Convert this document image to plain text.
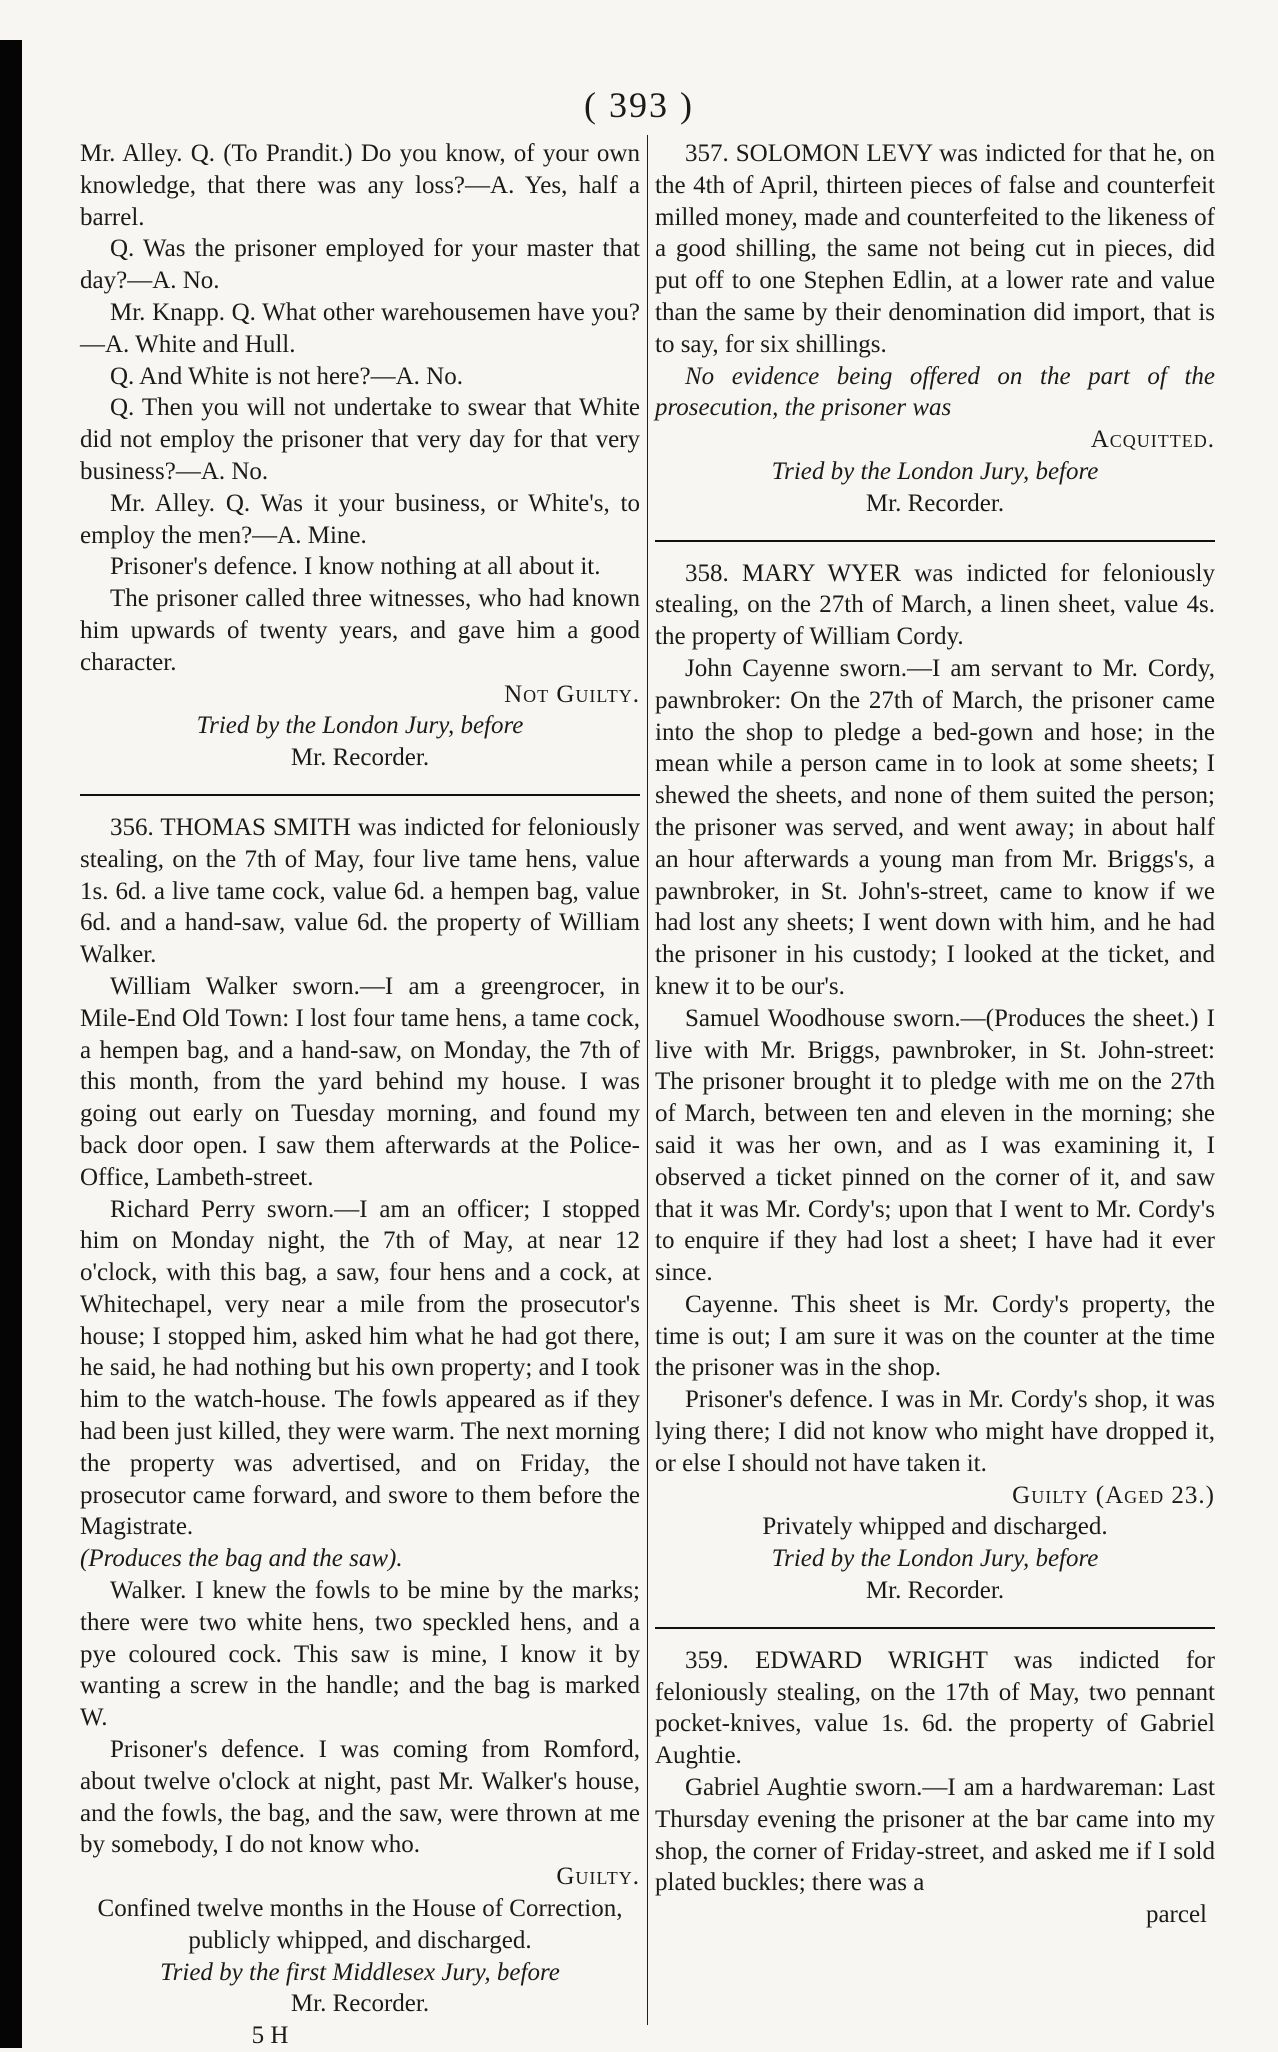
( 393 )

Mr. Alley. Q. (To Prandit.) Do you know, of your own knowledge, that there was any loss?—A. Yes, half a barrel.

Q. Was the prisoner employed for your master that day?—A. No.

Mr. Knapp. Q. What other warehousemen have you?—A. White and Hull.

Q. And White is not here?—A. No.

Q. Then you will not undertake to swear that White did not employ the prisoner that very day for that very business?—A. No.

Mr. Alley. Q. Was it your business, or White's, to employ the men?—A. Mine.

Prisoner's defence. I know nothing at all about it.

The prisoner called three witnesses, who had known him upwards of twenty years, and gave him a good character.

Not Guilty.

Tried by the London Jury, before

Mr. Recorder.

356. THOMAS SMITH was indicted for feloniously stealing, on the 7th of May, four live tame hens, value 1s. 6d. a live tame cock, value 6d. a hempen bag, value 6d. and a hand-saw, value 6d. the property of William Walker.

William Walker sworn.—I am a greengrocer, in Mile-End Old Town: I lost four tame hens, a tame cock, a hempen bag, and a hand-saw, on Monday, the 7th of this month, from the yard behind my house. I was going out early on Tuesday morning, and found my back door open. I saw them afterwards at the Police-Office, Lambeth-street.

Richard Perry sworn.—I am an officer; I stopped him on Monday night, the 7th of May, at near 12 o'clock, with this bag, a saw, four hens and a cock, at Whitechapel, very near a mile from the prosecutor's house; I stopped him, asked him what he had got there, he said, he had nothing but his own property; and I took him to the watch-house. The fowls appeared as if they had been just killed, they were warm. The next morning the property was advertised, and on Friday, the prosecutor came forward, and swore to them before the Magistrate.

(Produces the bag and the saw).

Walker. I knew the fowls to be mine by the marks; there were two white hens, two speckled hens, and a pye coloured cock. This saw is mine, I know it by wanting a screw in the handle; and the bag is marked W.

Prisoner's defence. I was coming from Romford, about twelve o'clock at night, past Mr. Walker's house, and the fowls, the bag, and the saw, were thrown at me by somebody, I do not know who.

Guilty.

Confined twelve months in the House of Correction, publicly whipped, and discharged.

Tried by the first Middlesex Jury, before

Mr. Recorder.

5 H

357. SOLOMON LEVY was indicted for that he, on the 4th of April, thirteen pieces of false and counterfeit milled money, made and counterfeited to the likeness of a good shilling, the same not being cut in pieces, did put off to one Stephen Edlin, at a lower rate and value than the same by their denomination did import, that is to say, for six shillings.

No evidence being offered on the part of the prosecution, the prisoner was

Acquitted.

Tried by the London Jury, before

Mr. Recorder.

358. MARY WYER was indicted for feloniously stealing, on the 27th of March, a linen sheet, value 4s. the property of William Cordy.

John Cayenne sworn.—I am servant to Mr. Cordy, pawnbroker: On the 27th of March, the prisoner came into the shop to pledge a bed-gown and hose; in the mean while a person came in to look at some sheets; I shewed the sheets, and none of them suited the person; the prisoner was served, and went away; in about half an hour afterwards a young man from Mr. Briggs's, a pawnbroker, in St. John's-street, came to know if we had lost any sheets; I went down with him, and he had the prisoner in his custody; I looked at the ticket, and knew it to be our's.

Samuel Woodhouse sworn.—(Produces the sheet.) I live with Mr. Briggs, pawnbroker, in St. John-street: The prisoner brought it to pledge with me on the 27th of March, between ten and eleven in the morning; she said it was her own, and as I was examining it, I observed a ticket pinned on the corner of it, and saw that it was Mr. Cordy's; upon that I went to Mr. Cordy's to enquire if they had lost a sheet; I have had it ever since.

Cayenne. This sheet is Mr. Cordy's property, the time is out; I am sure it was on the counter at the time the prisoner was in the shop.

Prisoner's defence. I was in Mr. Cordy's shop, it was lying there; I did not know who might have dropped it, or else I should not have taken it.

Guilty (Aged 23.)

Privately whipped and discharged.

Tried by the London Jury, before

Mr. Recorder.

359. EDWARD WRIGHT was indicted for feloniously stealing, on the 17th of May, two pennant pocket-knives, value 1s. 6d. the property of Gabriel Aughtie.

Gabriel Aughtie sworn.—I am a hardwareman: Last Thursday evening the prisoner at the bar came into my shop, the corner of Friday-street, and asked me if I sold plated buckles; there was a

parcel
